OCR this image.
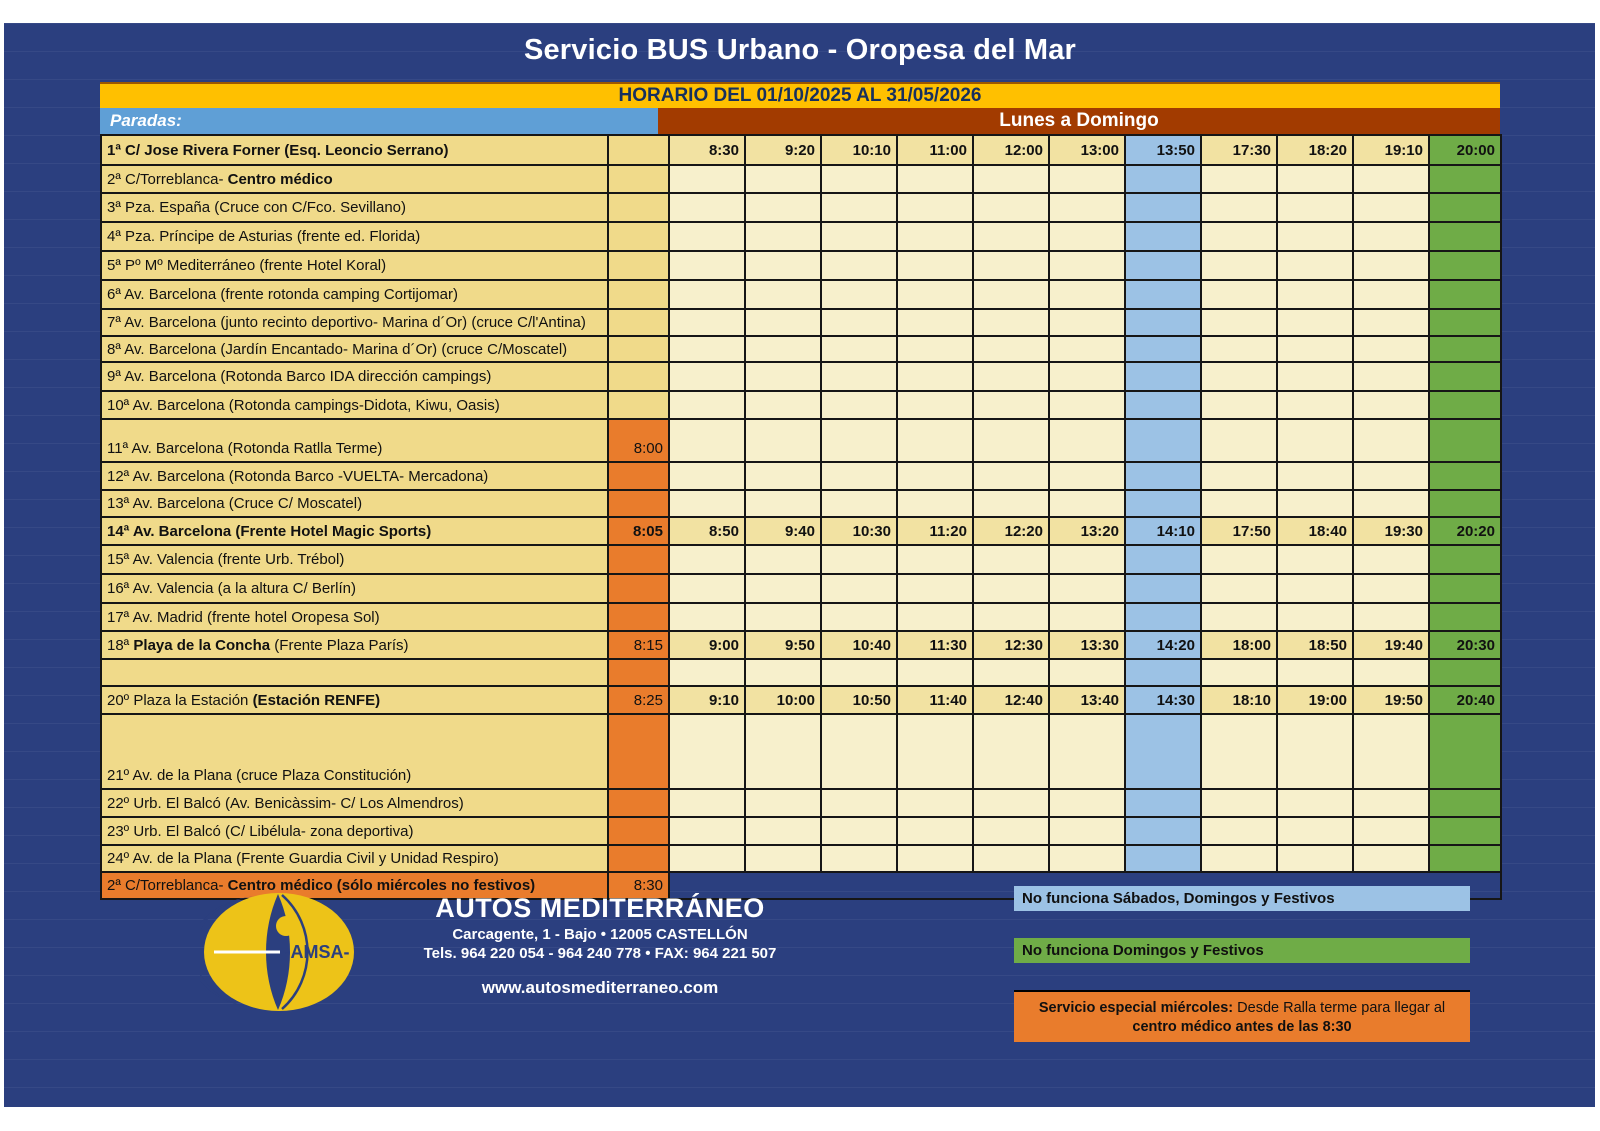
Servicio BUS Urbano - Oropesa del Mar
HORARIO DEL 01/10/2025 AL 31/05/2026
Paradas:	Lunes a Domingo
1ª C/ Jose Rivera Forner (Esq. Leoncio Serrano)		8:30	9:20	10:10	11:00	12:00	13:00	13:50	17:30	18:20	19:10	20:00
2ª C/Torreblanca- Centro médico												
3ª Pza. España (Cruce con C/Fco. Sevillano)												
4ª Pza. Príncipe de Asturias (frente ed. Florida)												
5ª Pº Mº Mediterráneo (frente Hotel Koral)												
6ª Av. Barcelona (frente rotonda camping Cortijomar)												
7ª Av. Barcelona (junto recinto deportivo- Marina d´Or) (cruce C/l'Antina)												
8ª Av. Barcelona (Jardín Encantado- Marina d´Or) (cruce C/Moscatel)												
9ª Av. Barcelona (Rotonda Barco IDA dirección campings)												
10ª Av. Barcelona (Rotonda campings-Didota, Kiwu, Oasis)												
11ª Av. Barcelona (Rotonda Ratlla Terme)	8:00											
12ª Av. Barcelona (Rotonda Barco -VUELTA- Mercadona)												
13ª Av. Barcelona (Cruce C/ Moscatel)												
14ª Av. Barcelona (Frente Hotel Magic Sports)	8:05	8:50	9:40	10:30	11:20	12:20	13:20	14:10	17:50	18:40	19:30	20:20
15ª Av. Valencia (frente Urb. Trébol)												
16ª Av. Valencia (a la altura C/ Berlín)												
17ª Av. Madrid (frente hotel Oropesa Sol)												
18ª Playa de la Concha (Frente Plaza París)	8:15	9:00	9:50	10:40	11:30	12:30	13:30	14:20	18:00	18:50	19:40	20:30

20º Plaza la Estación (Estación RENFE)	8:25	9:10	10:00	10:50	11:40	12:40	13:40	14:30	18:10	19:00	19:50	20:40
21º Av. de la Plana (cruce Plaza Constitución)												
22º Urb. El Balcó (Av. Benicàssim- C/ Los Almendros)												
23º Urb. El Balcó (C/ Libélula- zona deportiva)												
24º Av. de la Plana (Frente Guardia Civil y Unidad Respiro)												
2ª C/Torreblanca- Centro médico (sólo miércoles no festivos)	8:30											
-AMSA-
AUTOS MEDITERRÁNEO
Carcagente, 1 - Bajo • 12005 CASTELLÓN
Tels. 964 220 054 - 964 240 778 • FAX: 964 221 507
www.autosmediterraneo.com
No funciona Sábados, Domingos y Festivos
No funciona Domingos y Festivos
Servicio especial miércoles: Desde Ralla terme para llegar al
centro médico antes de las 8:30
